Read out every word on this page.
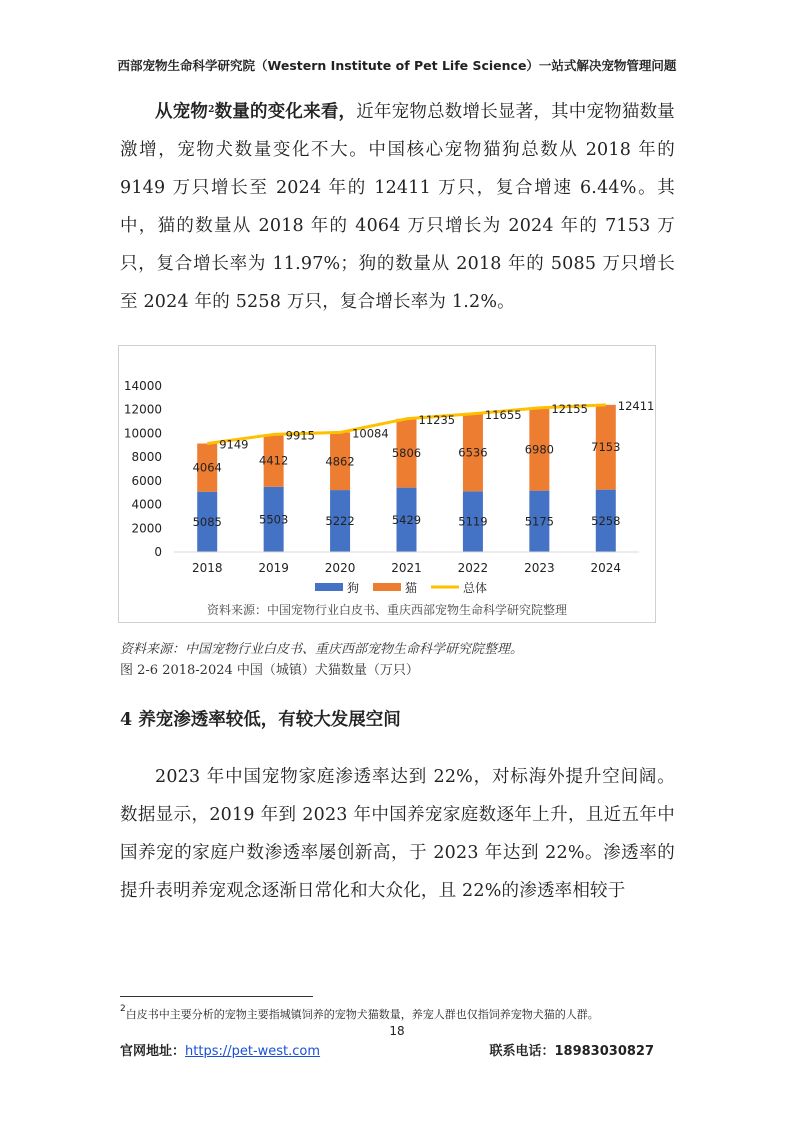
西部宠物生命科学研究院（Western Institute of Pet Life Science）一站式解决宠物管理问题

从宠物$^2$数量的变化来看，近年宠物总数增长显著，其中宠物猫数量激增，宠物犬数量变化不大。中国核心宠物猫狗总数从 2018 年的 9149 万只增长至 2024 年的 12411 万只，复合增速 6.44%。其中，猫的数量从 2018 年的 4064 万只增长为 2024 年的 7153 万只，复合增长率为 11.97%；狗的数量从 2018 年的 5085 万只增长至 2024 年的 5258 万只，复合增长率为 1.2%。

0
2000
4000
6000
8000
10000
12000
14000
5085
4064
2018
5503
4412
2019
5222
4862
2020
5429
5806
2021
5119
6536
2022
5175
6980
2023
5258
7153
2024
9149
9915	10084
11235	11655	12155	12411
狗	猫	总体
资料来源：中国宠物行业白皮书、重庆西部宠物生命科学研究院整理
资料来源：中国宠物行业白皮书、重庆西部宠物生命科学研究院整理。
图 2-6 2018-2024 中国（城镇）犬猫数量（万只）
4 养宠渗透率较低，有较大发展空间

2023 年中国宠物家庭渗透率达到 22%，对标海外提升空间阔。数据显示，2019 年到 2023 年中国养宠家庭数逐年上升，且近五年中国养宠的家庭户数渗透率屡创新高，于 2023 年达到 22%。渗透率的提升表明养宠观念逐渐日常化和大众化，且 22%的渗透率相较于

$^2$白皮书中主要分析的宠物主要指城镇饲养的宠物犬猫数量，养宠人群也仅指饲养宠物犬猫的人群。
18
官网地址：https://pet-west.com	联系电话：18983030827
